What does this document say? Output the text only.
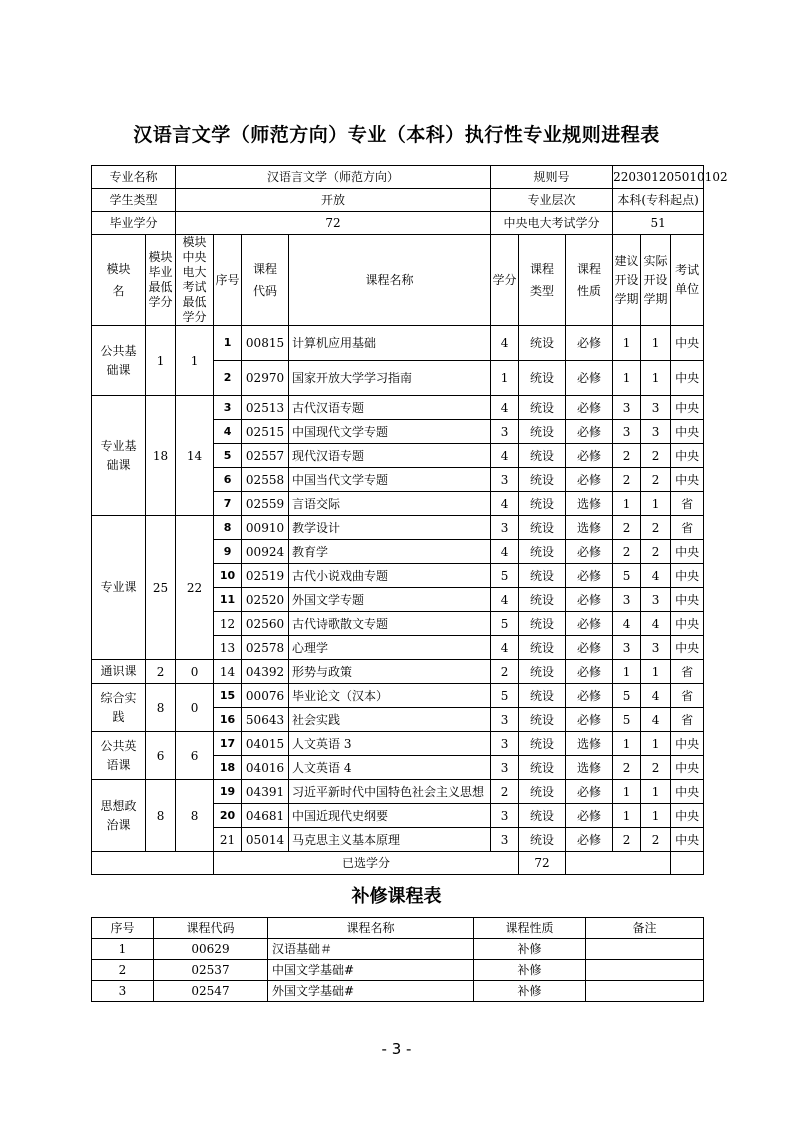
汉语言文学（师范方向）专业（本科）执行性专业规则进程表
专业名称		汉语言文学（师范方向）				规则号			220301205010102		
学生类型		开放				专业层次			本科(专科起点)		
毕业学分		72				中央电大考试学分			51		
模块名	模块毕业最低学分	模块中央电大考试最低学分	序号	课程代码	课程名称	学分	课程类型	课程性质	建议开设学期	实际开设学期	考试单位
公共基础课	1	1	1	00815	计算机应用基础	4	统设	必修	1	1	中央
			2	02970	国家开放大学学习指南	1	统设	必修	1	1	中央
专业基础课	18	14	3	02513	古代汉语专题	4	统设	必修	3	3	中央
			4	02515	中国现代文学专题	3	统设	必修	3	3	中央
			5	02557	现代汉语专题	4	统设	必修	2	2	中央
			6	02558	中国当代文学专题	3	统设	必修	2	2	中央
			7	02559	言语交际	4	统设	选修	1	1	省
专业课	25	22	8	00910	教学设计	3	统设	选修	2	2	省
			9	00924	教育学	4	统设	必修	2	2	中央
			10	02519	古代小说戏曲专题	5	统设	必修	5	4	中央
			11	02520	外国文学专题	4	统设	必修	3	3	中央
			12	02560	古代诗歌散文专题	5	统设	必修	4	4	中央
			13	02578	心理学	4	统设	必修	3	3	中央
通识课	2	0	14	04392	形势与政策	2	统设	必修	1	1	省
综合实践	8	0	15	00076	毕业论文（汉本）	5	统设	必修	5	4	省
			16	50643	社会实践	3	统设	必修	5	4	省
公共英语课	6	6	17	04015	人文英语 3	3	统设	选修	1	1	中央
			18	04016	人文英语 4	3	统设	选修	2	2	中央
思想政治课	8	8	19	04391	习近平新时代中国特色社会主义思想	2	统设	必修	1	1	中央
			20	04681	中国近现代史纲要	3	统设	必修	1	1	中央
			21	05014	马克思主义基本原理	3	统设	必修	2	2	中央
			已选学分				72				
补修课程表
序号	课程代码	课程名称	课程性质	备注
1	00629	汉语基础＃	补修	
2	02537	中国文学基础#	补修	
3	02547	外国文学基础#	补修	
- 3 -
